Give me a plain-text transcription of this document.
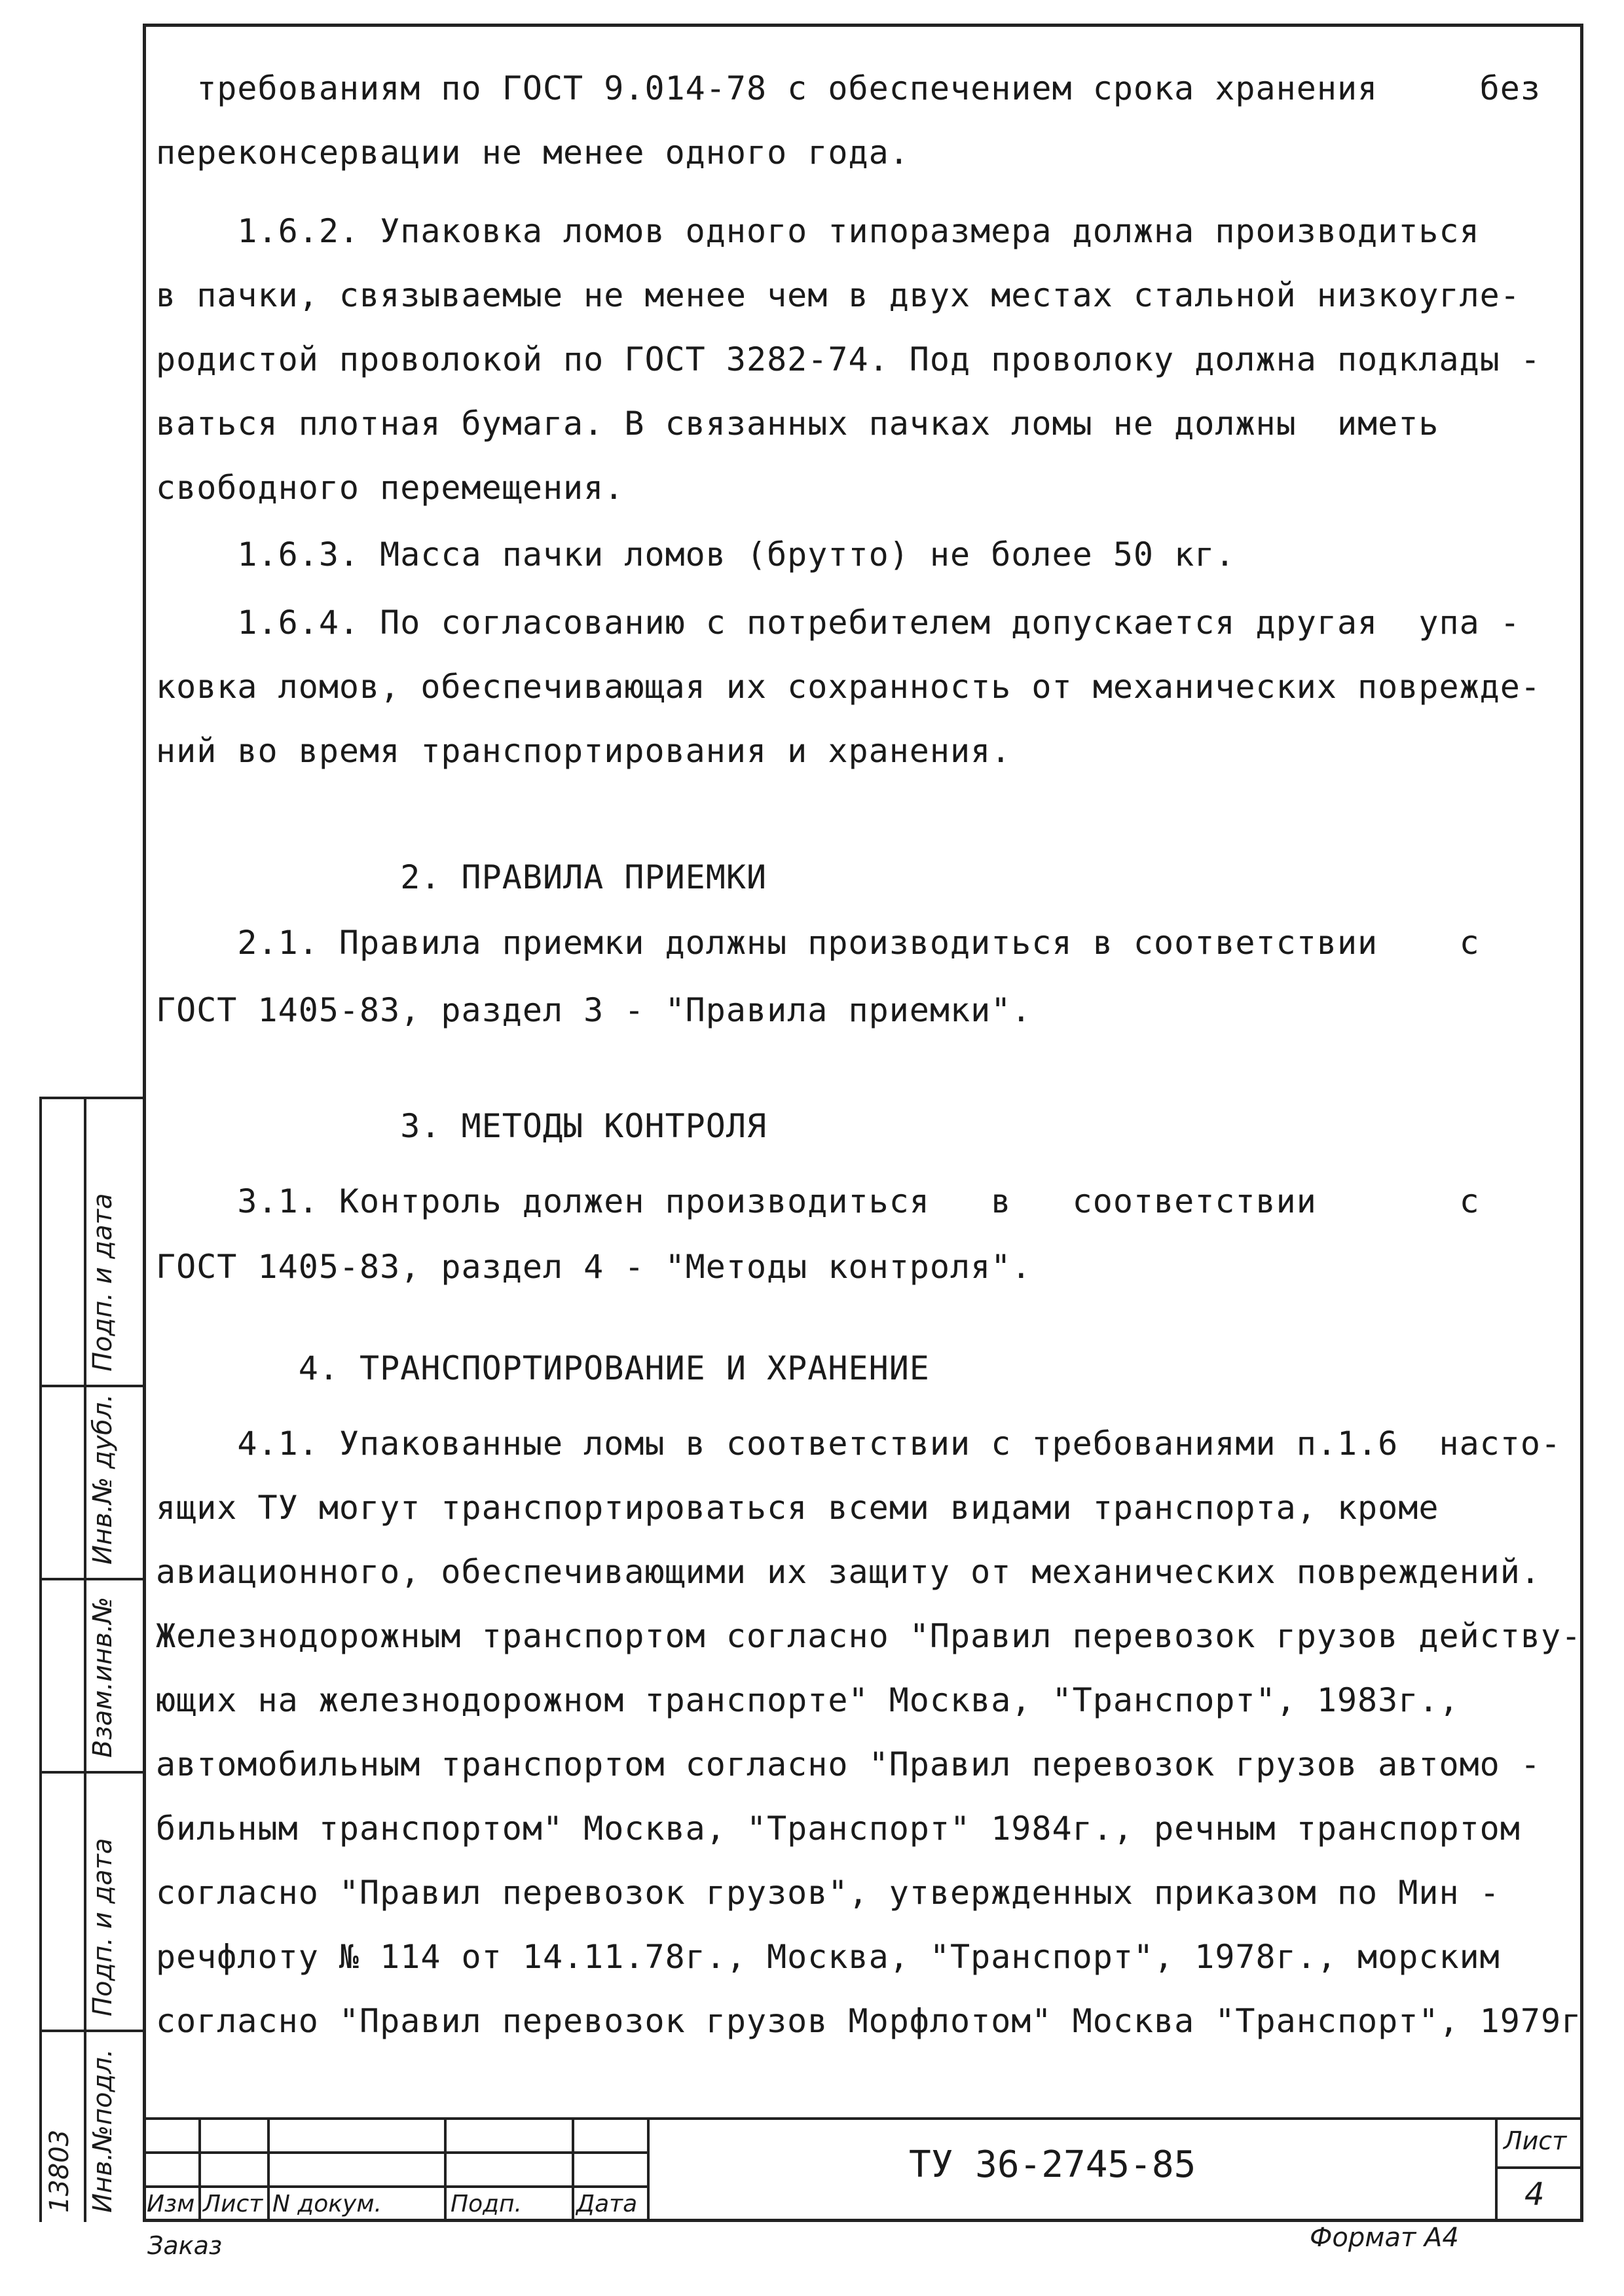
требованиям по ГОСТ 9.014-78 с обеспечением срока хранения     без
переконсервации не менее одного года.
1.6.2. Упаковка ломов одного типоразмера должна производиться
в пачки, связываемые не менее чем в двух местах стальной низкоугле-
родистой проволокой по ГОСТ 3282-74. Под проволоку должна подклады -
ваться плотная бумага. В связанных пачках ломы не должны  иметь
свободного перемещения.
1.6.3. Масса пачки ломов (брутто) не более 50 кг.
1.6.4. По согласованию с потребителем допускается другая  упа -
ковка ломов, обеспечивающая их сохранность от механических повреждe-
ний во время транспортирования и хранения.
2. ПРАВИЛА ПРИЕМКИ
2.1. Правила приемки должны производиться в соответствии    с
ГОСТ 1405-83, раздел 3 - "Правила приемки".
3. МЕТОДЫ КОНТРОЛЯ
3.1. Контроль должен производиться   в   соответствии       с
ГОСТ 1405-83, раздел 4 - "Методы контроля".
4. ТРАНСПОРТИРОВАНИЕ И ХРАНЕНИЕ
4.1. Упакованные ломы в соответствии с требованиями п.1.6  насто-
ящих ТУ могут транспортироваться всеми видами транспорта, кроме
авиационного, обеспечивающими их защиту от механических повреждений.
Железнодорожным транспортом согласно "Правил перевозок грузов действу-
ющих на железнодорожном транспорте" Москва, "Транспорт", 1983г.,
автомобильным транспортом согласно "Правил перевозок грузов автомо -
бильным транспортом" Москва, "Транспорт" 1984г., речным транспортом
согласно "Правил перевозок грузов", утвержденных приказом по Мин -
речфлоту № 114 от 14.11.78г., Москва, "Транспорт", 1978г., морским
согласно "Правил перевозок грузов Морфлотом" Москва "Транспорт", 1979г
Подп. и дата
Инв.№ дубл.
Взам.инв.№
Подп. и дата
Инв.№подл.
13803	Изм Лист N докум.	Подп. Дата
ТУ 36-2745-85
Лист
4
Заказ	Формат А4
